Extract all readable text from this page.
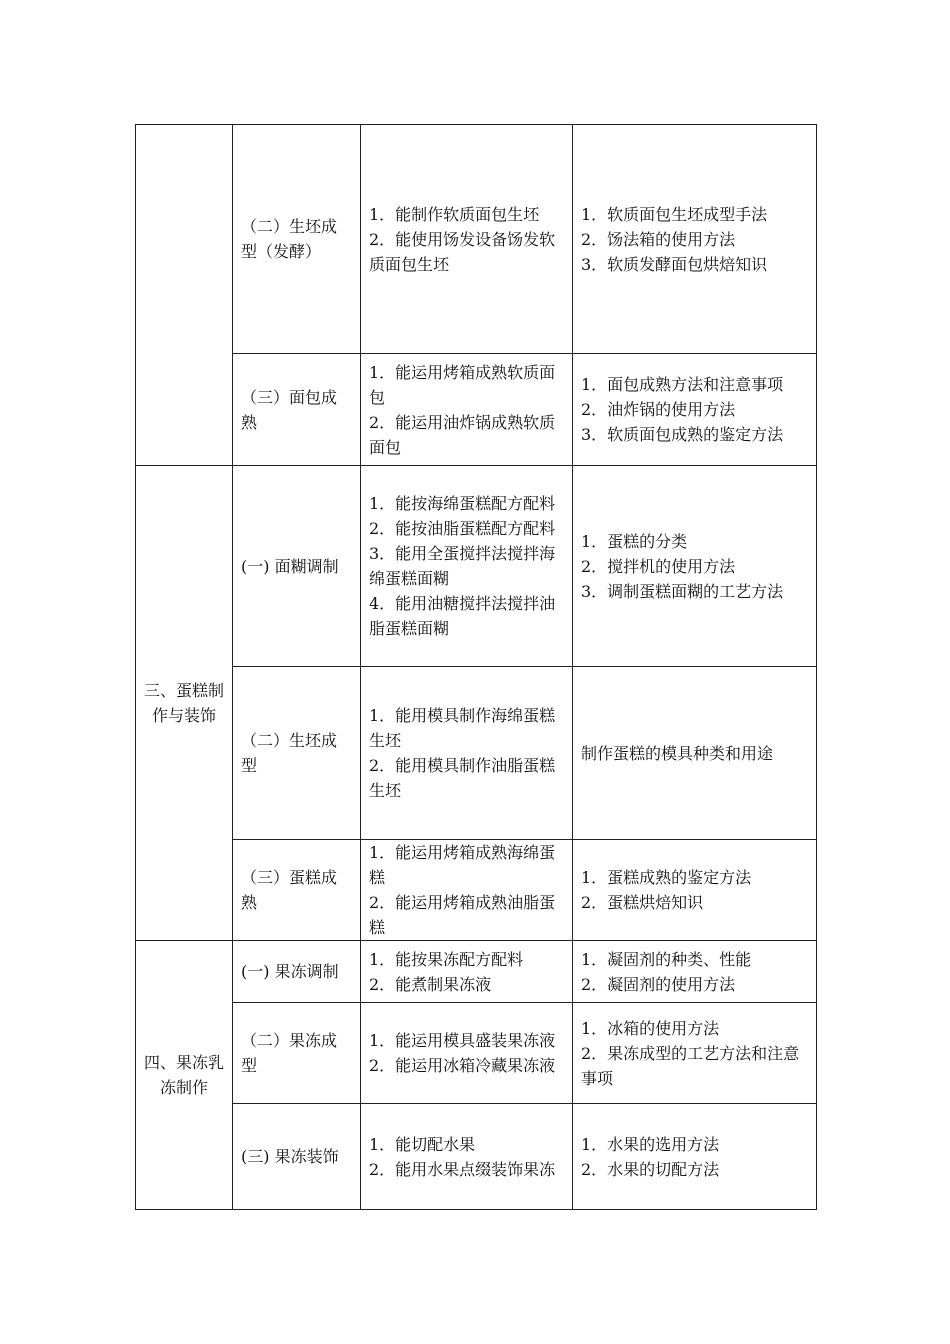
	（二）生坯成型（发酵）	1．能制作软质面包生坯
2．能使用饧发设备饧发软质面包生坯	1．软质面包生坯成型手法
2．饧法箱的使用方法
3．软质发酵面包烘焙知识

	（三）面包成熟	1．能运用烤箱成熟软质面包
2．能运用油炸锅成熟软质面包	1．面包成熟方法和注意事项
2．油炸锅的使用方法
3．软质面包成熟的鉴定方法

三、蛋糕制作与装饰	(一) 面糊调制	1．能按海绵蛋糕配方配料
2．能按油脂蛋糕配方配料
3．能用全蛋搅拌法搅拌海绵蛋糕面糊
4．能用油糖搅拌法搅拌油脂蛋糕面糊	1．蛋糕的分类
2．搅拌机的使用方法
3．调制蛋糕面糊的工艺方法

	（二）生坯成型	1．能用模具制作海绵蛋糕生坯
2．能用模具制作油脂蛋糕生坯	制作蛋糕的模具种类和用途

	（三）蛋糕成熟	1．能运用烤箱成熟海绵蛋糕
2．能运用烤箱成熟油脂蛋糕	1．蛋糕成熟的鉴定方法
2．蛋糕烘焙知识

四、果冻乳冻制作	(一) 果冻调制	1．能按果冻配方配料
2．能煮制果冻液	1．凝固剂的种类、性能
2．凝固剂的使用方法

	（二）果冻成型	1．能运用模具盛装果冻液
2．能运用冰箱冷藏果冻液	1．冰箱的使用方法
2．果冻成型的工艺方法和注意事项

	(三) 果冻装饰	1．能切配水果
2．能用水果点缀装饰果冻	1．水果的选用方法
2．水果的切配方法
